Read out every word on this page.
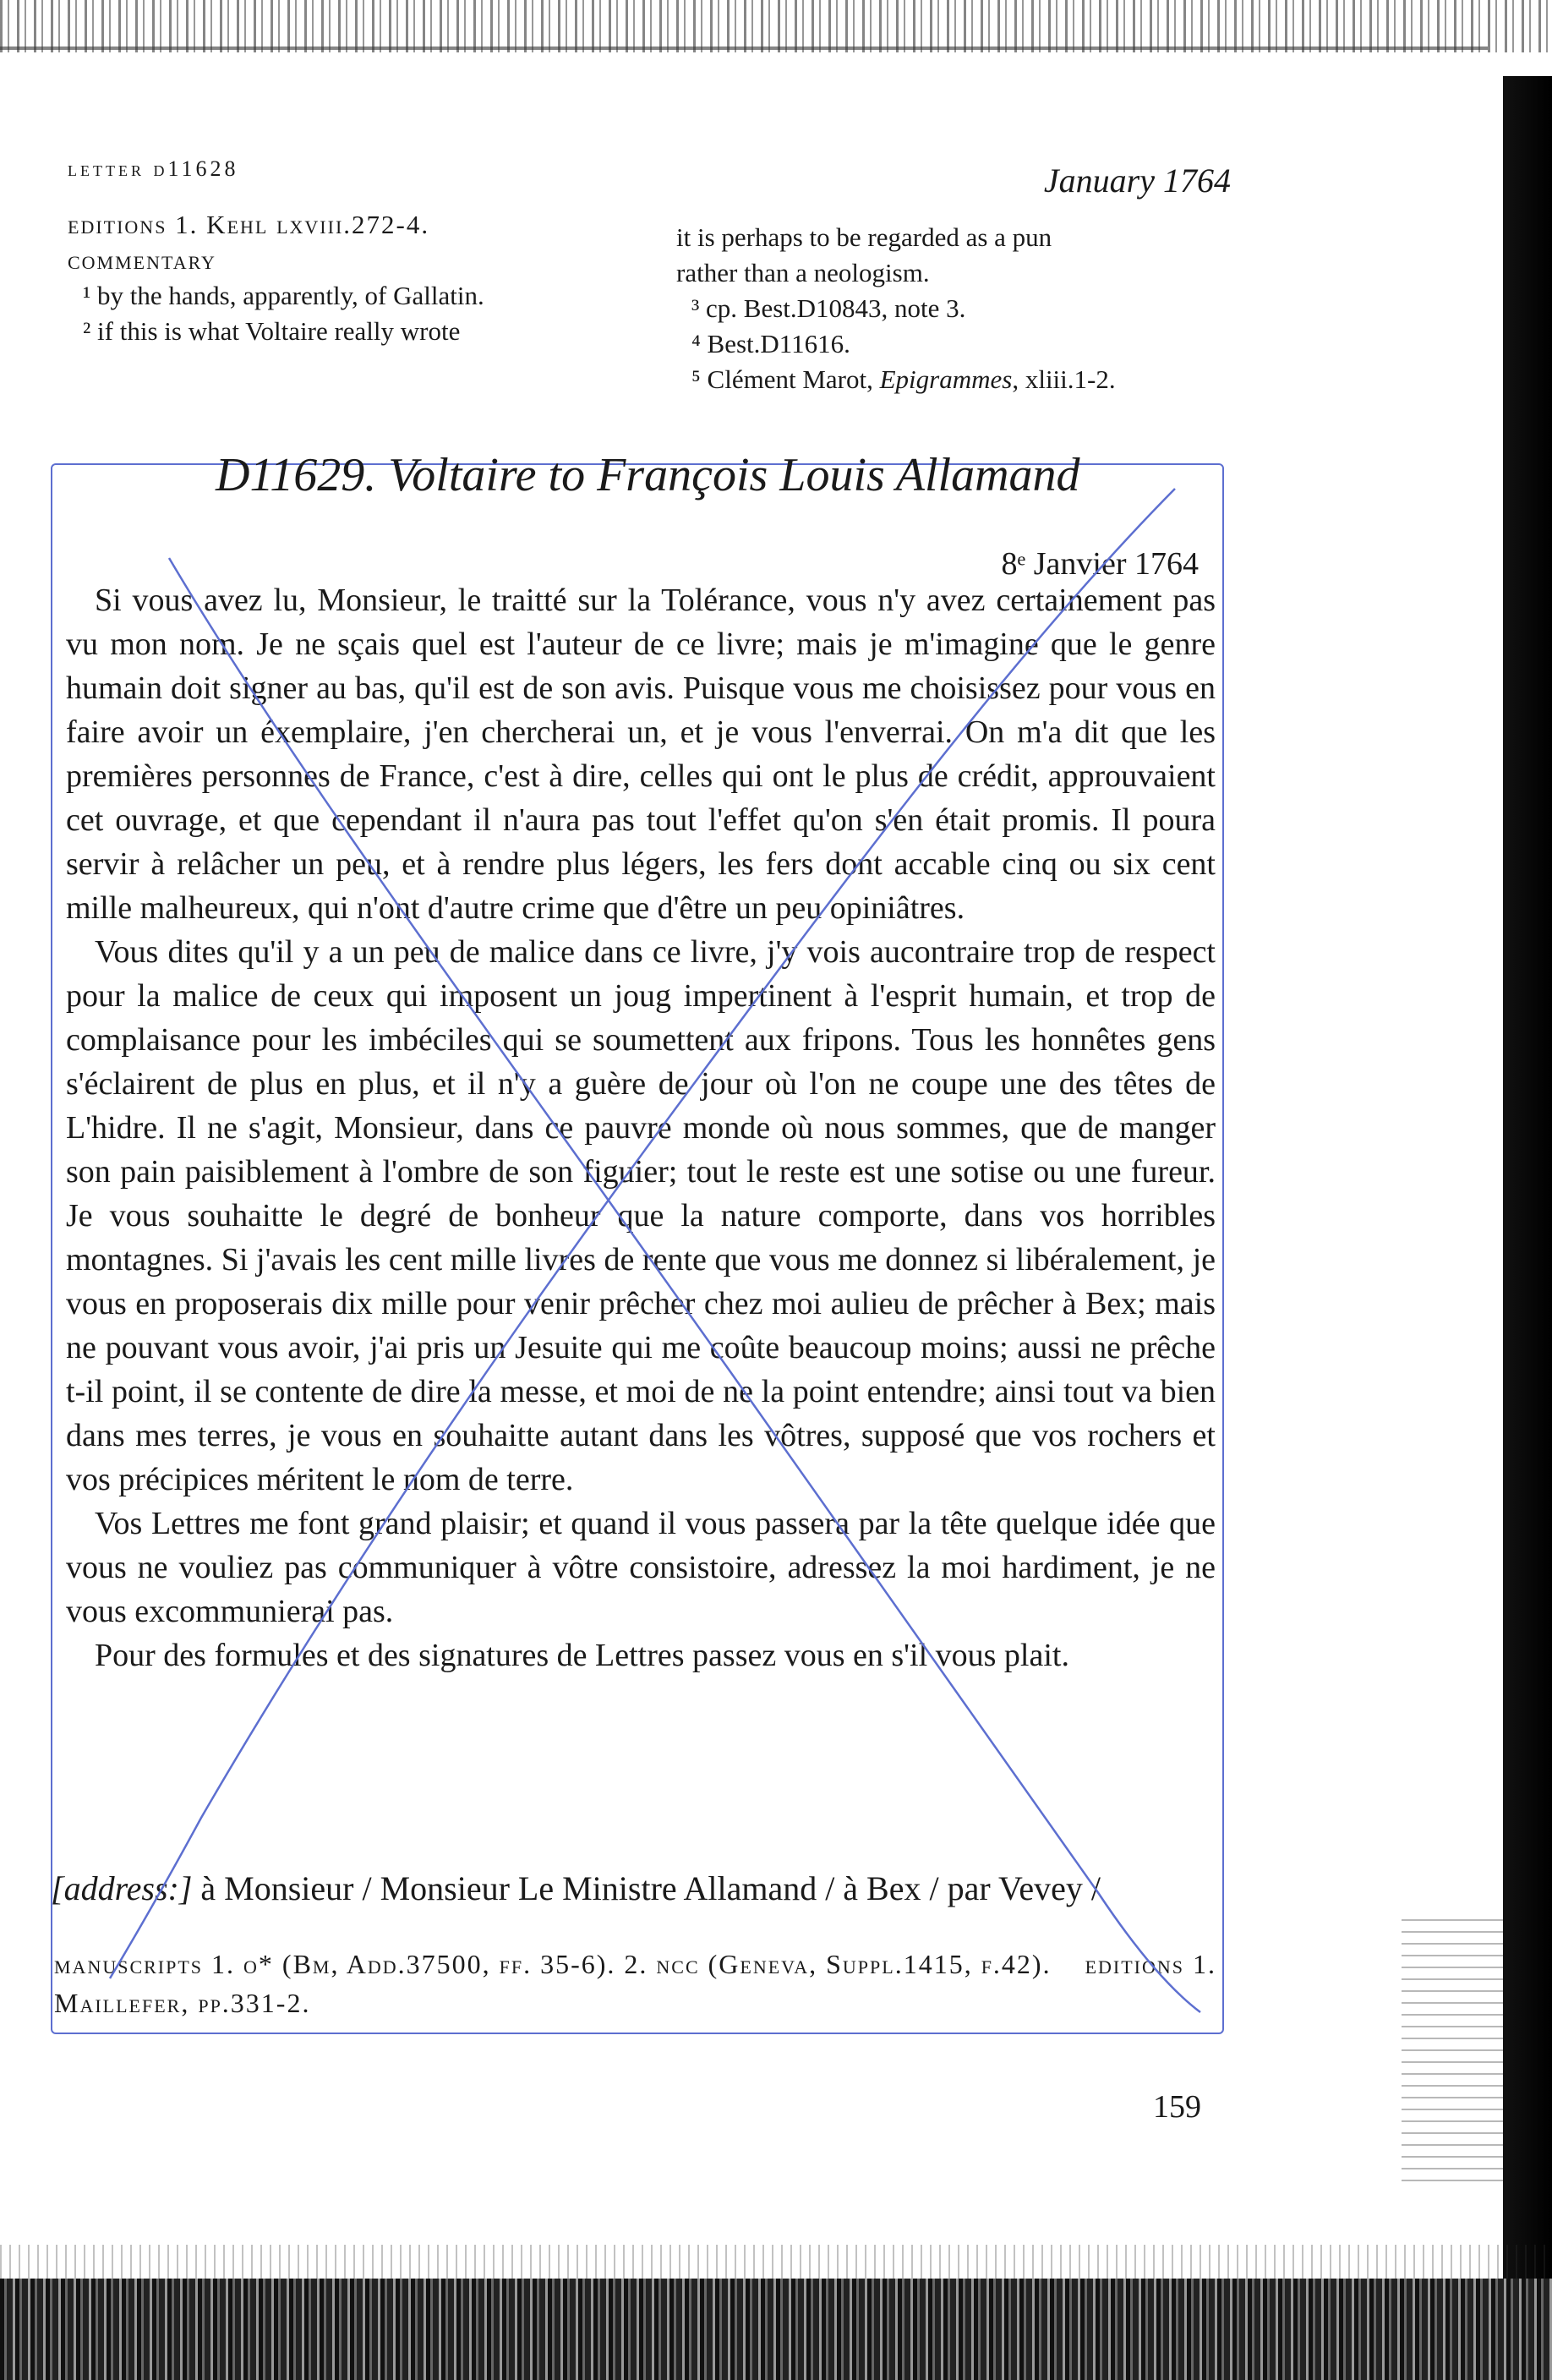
letter d11628	January 1764
editions 1. Kehl lxviii.272-4.
commentary
¹ by the hands, apparently, of Gallatin.
² if this is what Voltaire really wrote
it is perhaps to be regarded as a pun
rather than a neologism.
³ cp. Best.D10843, note 3.
⁴ Best.D11616.
⁵ Clément Marot, Epigrammes, xliii.1-2.
D11629. Voltaire to François Louis Allamand
8ᵉ Janvier 1764

Si vous avez lu, Monsieur, le traitté sur la Tolérance, vous n'y avez certainement pas vu mon nom. Je ne sçais quel est l'auteur de ce livre; mais je m'imagine que le genre humain doit signer au bas, qu'il est de son avis. Puisque vous me choisissez pour vous en faire avoir un éxemplaire, j'en chercherai un, et je vous l'enverrai. On m'a dit que les premières personnes de France, c'est à dire, celles qui ont le plus de crédit, approuvaient cet ouvrage, et que cependant il n'aura pas tout l'effet qu'on s'en était promis. Il poura servir à relâcher un peu, et à rendre plus légers, les fers dont accable cinq ou six cent mille malheureux, qui n'ont d'autre crime que d'être un peu opiniâtres.

Vous dites qu'il y a un peu de malice dans ce livre, j'y vois aucontraire trop de respect pour la malice de ceux qui imposent un joug impertinent à l'esprit humain, et trop de complaisance pour les imbéciles qui se soumettent aux fripons. Tous les honnêtes gens s'éclairent de plus en plus, et il n'y a guère de jour où l'on ne coupe une des têtes de L'hidre. Il ne s'agit, Monsieur, dans ce pauvre monde où nous sommes, que de manger son pain paisiblement à l'ombre de son figuier; tout le reste est une sotise ou une fureur. Je vous souhaitte le degré de bonheur que la nature comporte, dans vos horribles montagnes. Si j'avais les cent mille livres de rente que vous me donnez si libéralement, je vous en proposerais dix mille pour venir prêcher chez moi aulieu de prêcher à Bex; mais ne pouvant vous avoir, j'ai pris un Jesuite qui me coûte beaucoup moins; aussi ne prêche t-il point, il se contente de dire la messe, et moi de ne la point entendre; ainsi tout va bien dans mes terres, je vous en souhaitte autant dans les vôtres, supposé que vos rochers et vos précipices méritent le nom de terre.

Vos Lettres me font grand plaisir; et quand il vous passera par la tête quelque idée que vous ne vouliez pas communiquer à vôtre consistoire, adressez la moi hardiment, je ne vous excommunierai pas.

Pour des formules et des signatures de Lettres passez vous en s'il vous plait.

[address:] à Monsieur / Monsieur Le Ministre Allamand / à Bex / par Vevey /
manuscripts 1. o* (Bm, Add.37500, ff. 35-6). 2. ncc (Geneva, Suppl.1415, f.42). editions 1. Maillefer, pp.331-2.
159
